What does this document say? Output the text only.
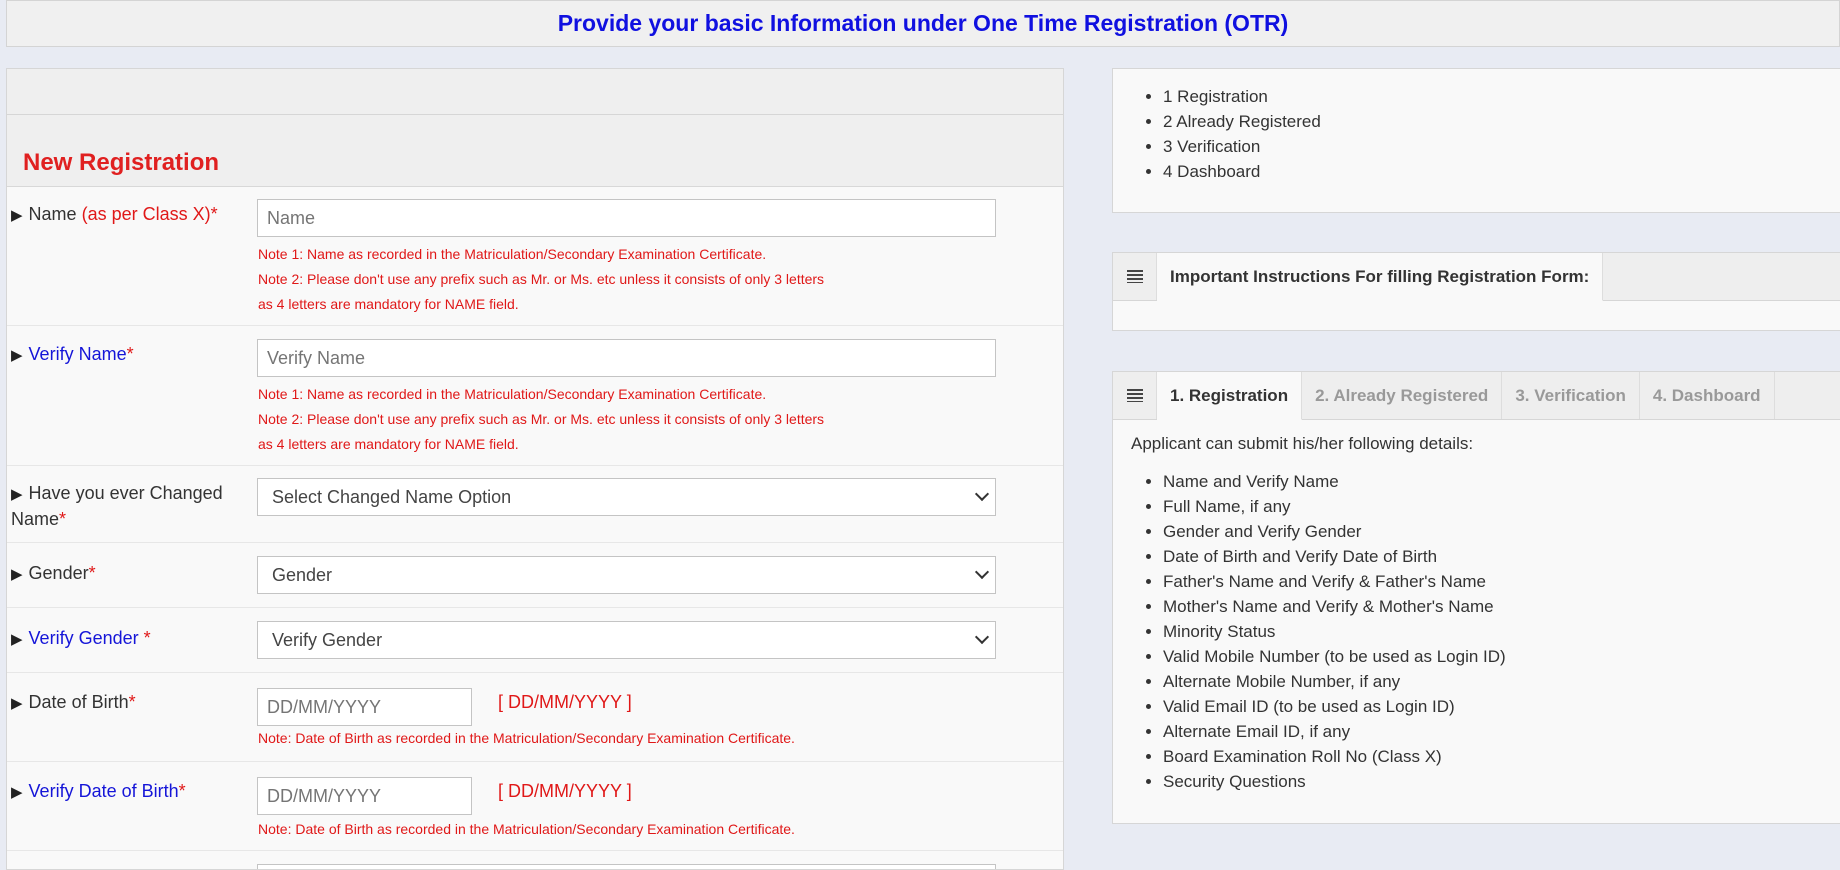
Provide your basic Information under One Time Registration (OTR)
New Registration
▶ Name (as per Class X)*
Name
Note 1: Name as recorded in the Matriculation/Secondary Examination Certificate.
Note 2: Please don't use any prefix such as Mr. or Ms. etc unless it consists of only 3 letters
as 4 letters are mandatory for NAME field.
▶ Verify Name*
Verify Name
Note 1: Name as recorded in the Matriculation/Secondary Examination Certificate.
Note 2: Please don't use any prefix such as Mr. or Ms. etc unless it consists of only 3 letters
as 4 letters are mandatory for NAME field.
▶ Have you ever Changed
Name*
Select Changed Name Option
▶ Gender*	Gender
▶ Verify Gender *	Verify Gender
▶ Date of Birth*
DD/MM/YYYY	[ DD/MM/YYYY ]
Note: Date of Birth as recorded in the Matriculation/Secondary Examination Certificate.
▶ Verify Date of Birth*
DD/MM/YYYY	[ DD/MM/YYYY ]
Note: Date of Birth as recorded in the Matriculation/Secondary Examination Certificate.
• 1 Registration
• 2 Already Registered
• 3 Verification
• 4 Dashboard
Important Instructions For filling Registration Form:
1. Registration	2. Already Registered	3. Verification	4. Dashboard
Applicant can submit his/her following details:
• Name and Verify Name
• Full Name, if any
• Gender and Verify Gender
• Date of Birth and Verify Date of Birth
• Father's Name and Verify & Father's Name
• Mother's Name and Verify & Mother's Name
• Minority Status
• Valid Mobile Number (to be used as Login ID)
• Alternate Mobile Number, if any
• Valid Email ID (to be used as Login ID)
• Alternate Email ID, if any
• Board Examination Roll No (Class X)
• Security Questions
